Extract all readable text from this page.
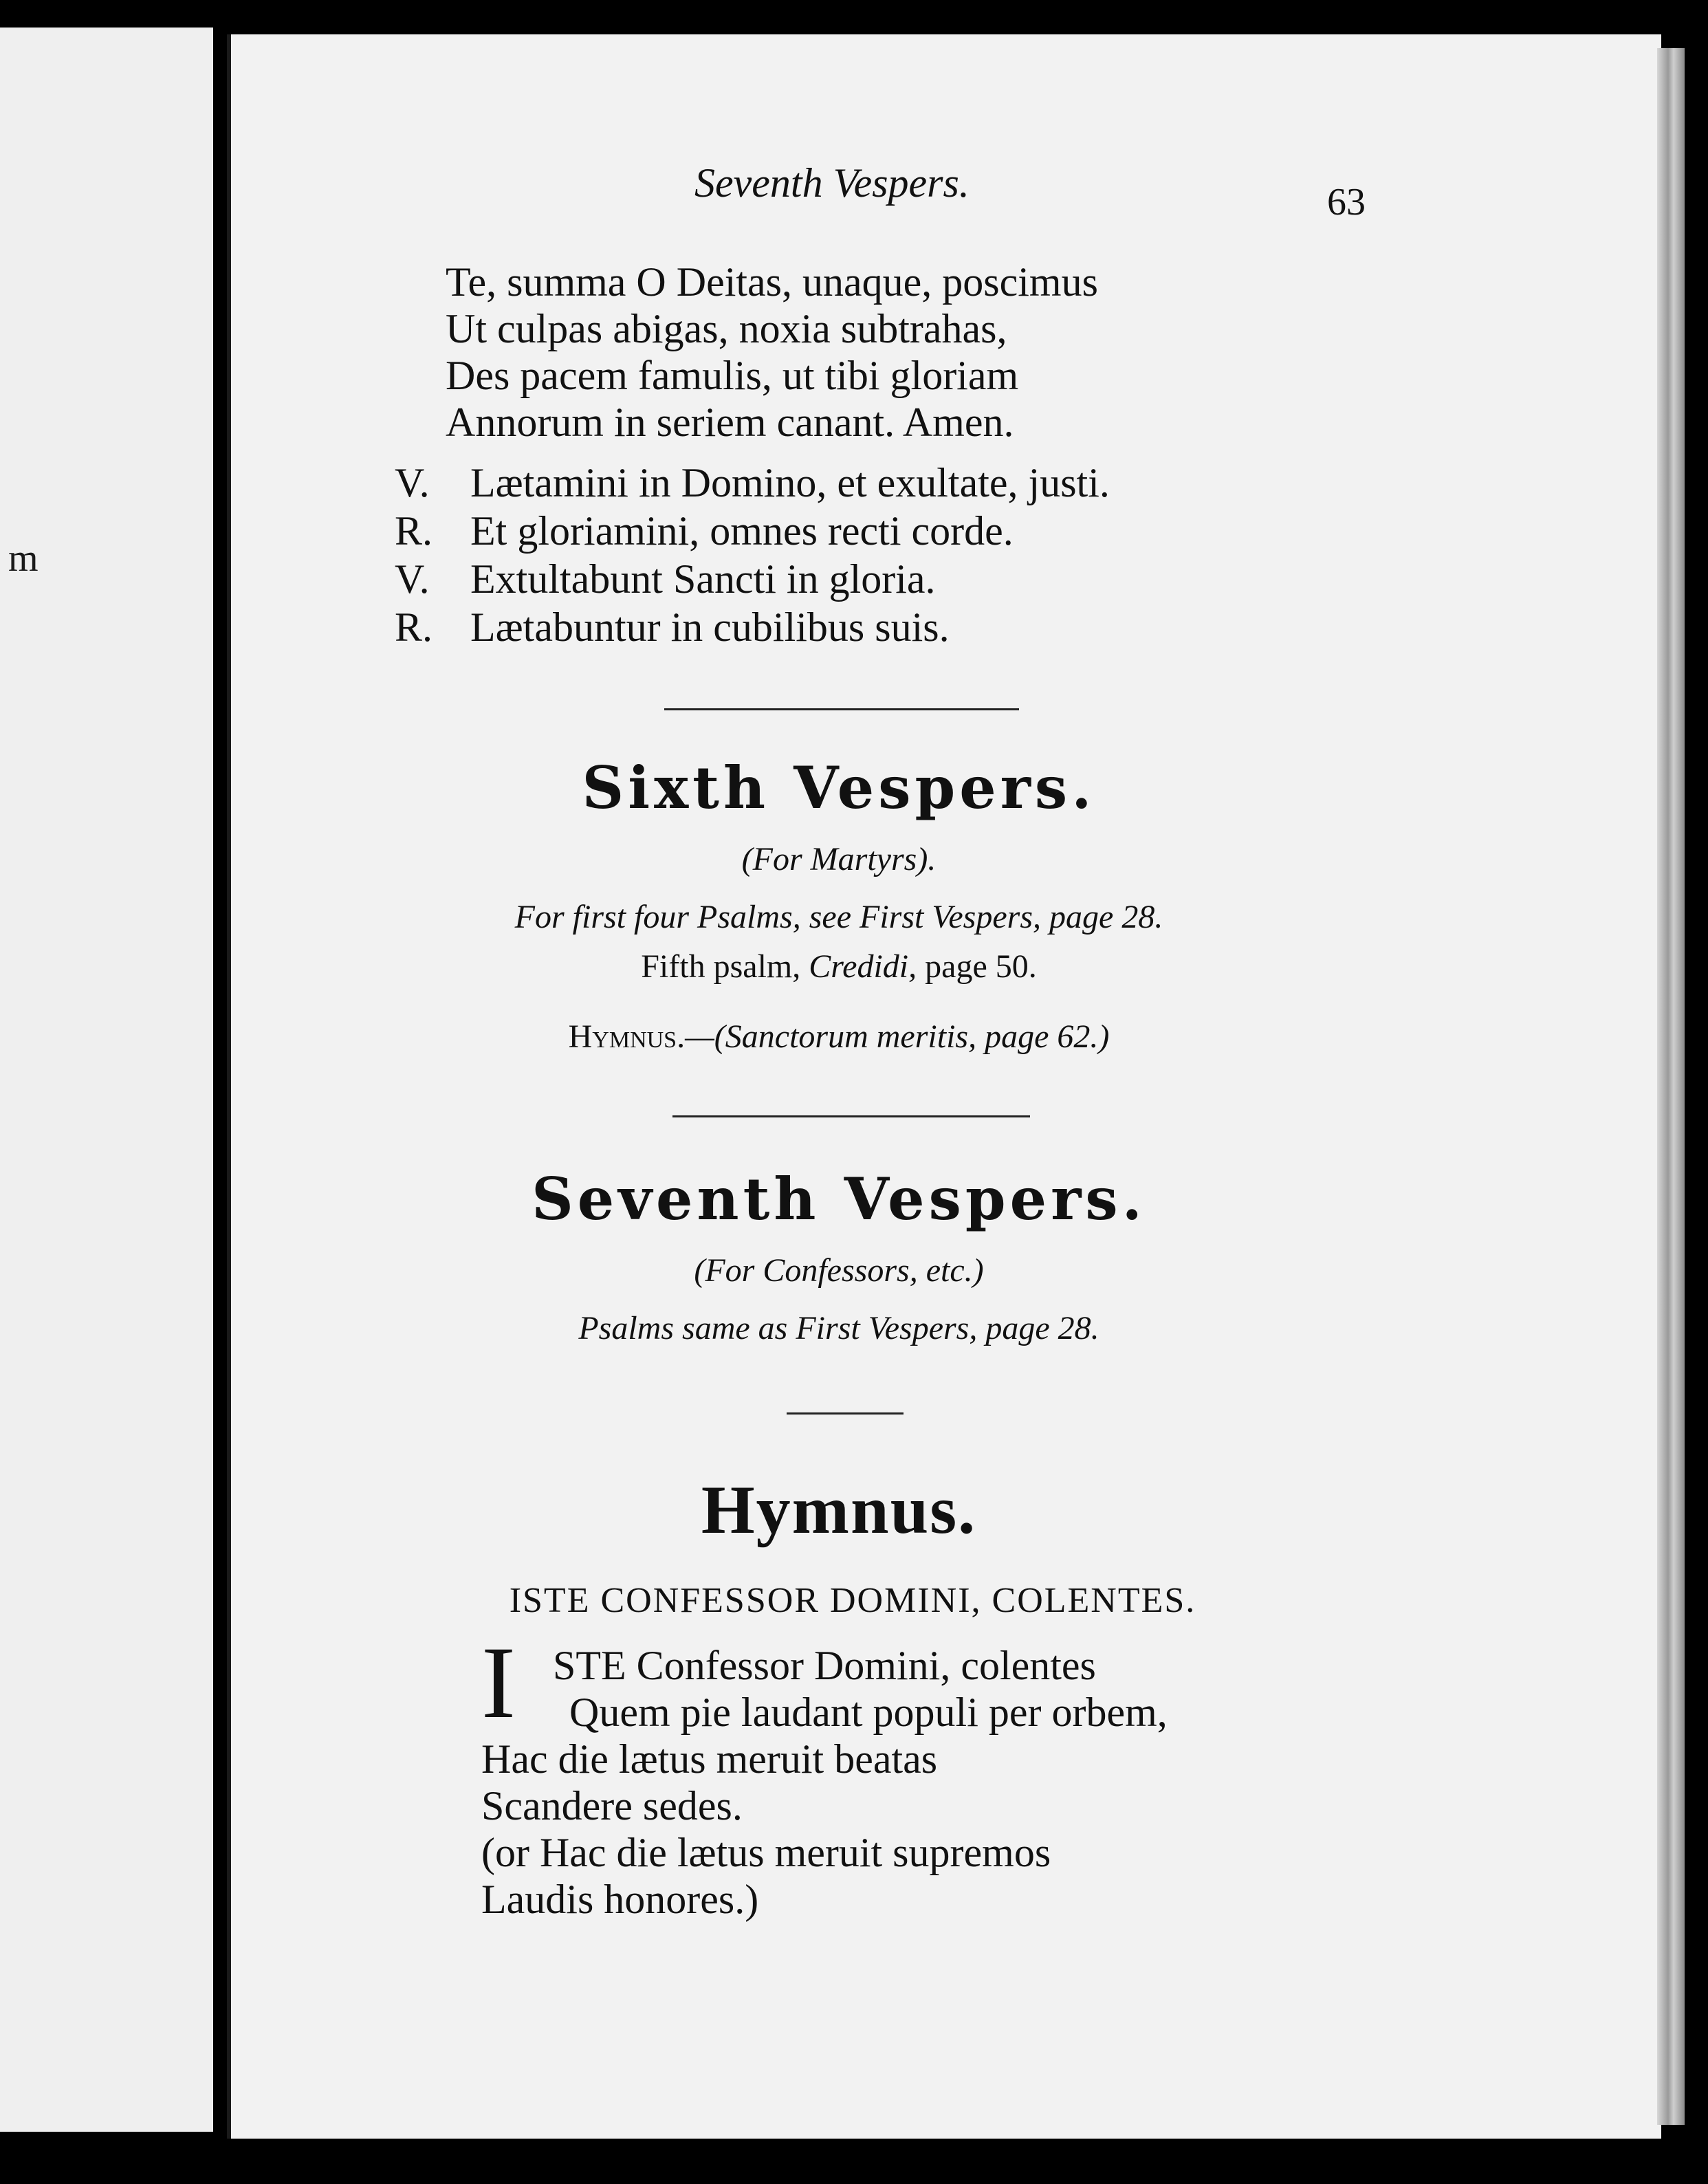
m
Seventh Vespers.	63
Te, summa O Deitas, unaque, poscimus
Ut culpas abigas, noxia subtrahas,
Des pacem famulis, ut tibi gloriam
Annorum in seriem canant. Amen.
V. Lætamini in Domino, et exultate, justi.
R. Et gloriamini, omnes recti corde.
V. Extultabunt Sancti in gloria.
R. Lætabuntur in cubilibus suis.
Sixth Vespers.
(For Martyrs).
For first four Psalms, see First Vespers, page 28.
Fifth psalm, Credidi, page 50.
Hymnus.—(Sanctorum meritis, page 62.)
Seventh Vespers.
(For Confessors, etc.)
Psalms same as First Vespers, page 28.
Hymnus.
ISTE CONFESSOR DOMINI, COLENTES.
I STE Confessor Domini, colentes
Quem pie laudant populi per orbem,
Hac die lætus meruit beatas
Scandere sedes.
(or Hac die lætus meruit supremos
Laudis honores.)
